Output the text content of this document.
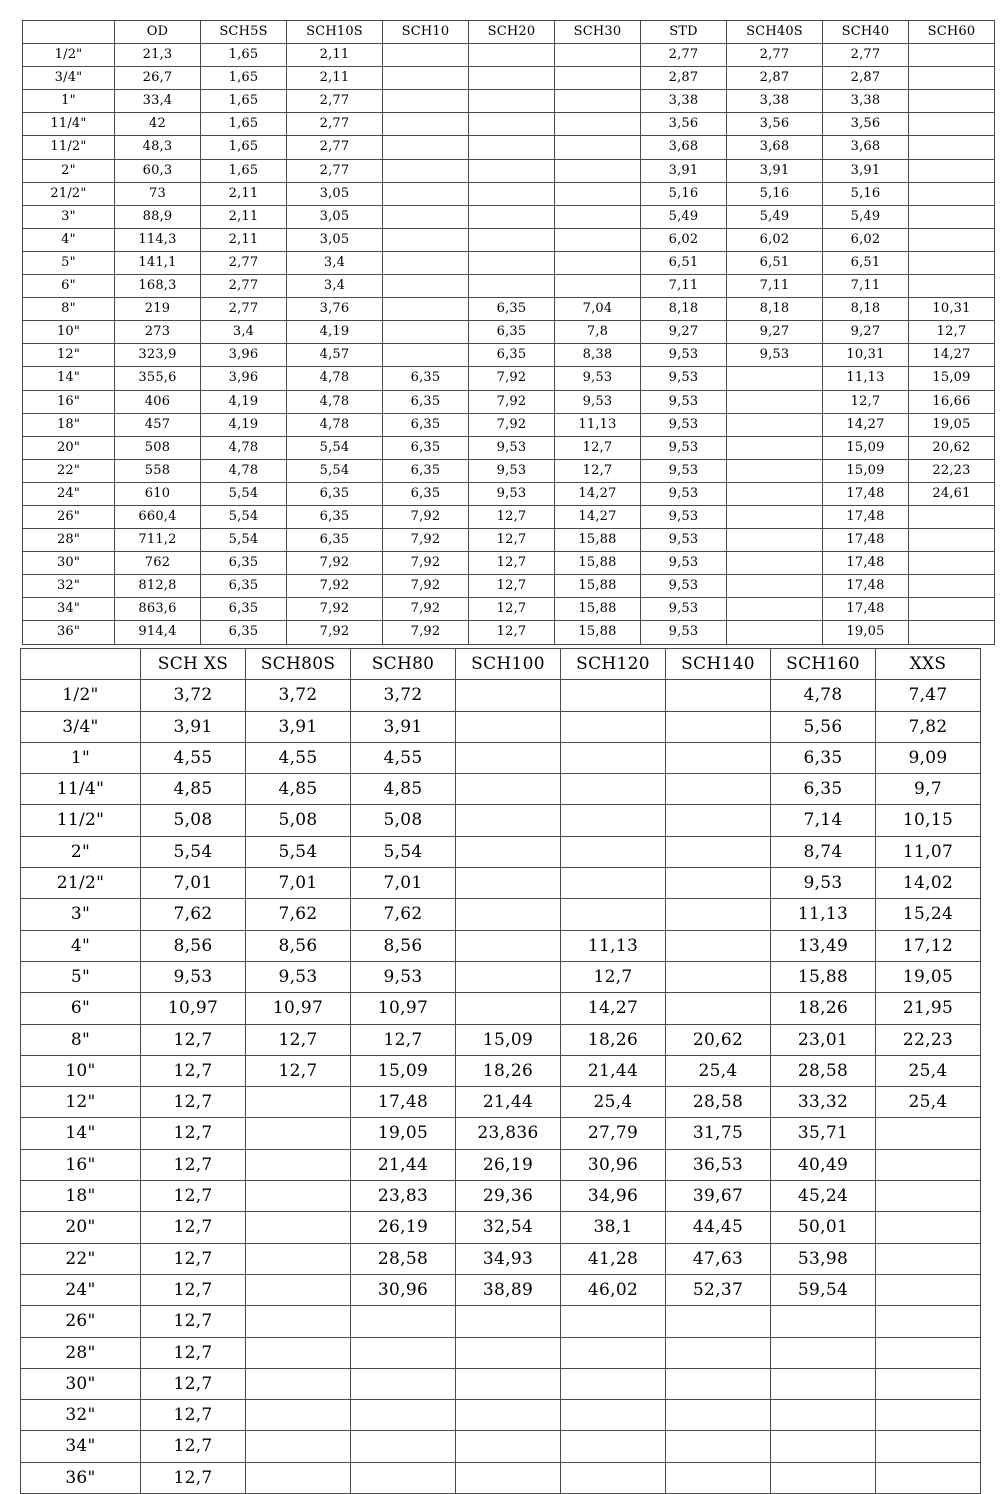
	OD	SCH5S	SCH10S	SCH10	SCH20	SCH30	STD	SCH40S	SCH40	SCH60
1/2"	21,3	1,65	2,11				2,77	2,77	2,77	
3/4"	26,7	1,65	2,11				2,87	2,87	2,87	
1"	33,4	1,65	2,77				3,38	3,38	3,38	
11/4"	42	1,65	2,77				3,56	3,56	3,56	
11/2"	48,3	1,65	2,77				3,68	3,68	3,68	
2"	60,3	1,65	2,77				3,91	3,91	3,91	
21/2"	73	2,11	3,05				5,16	5,16	5,16	
3"	88,9	2,11	3,05				5,49	5,49	5,49	
4"	114,3	2,11	3,05				6,02	6,02	6,02	
5"	141,1	2,77	3,4				6,51	6,51	6,51	
6"	168,3	2,77	3,4				7,11	7,11	7,11	
8"	219	2,77	3,76		6,35	7,04	8,18	8,18	8,18	10,31
10"	273	3,4	4,19		6,35	7,8	9,27	9,27	9,27	12,7
12"	323,9	3,96	4,57		6,35	8,38	9,53	9,53	10,31	14,27
14"	355,6	3,96	4,78	6,35	7,92	9,53	9,53		11,13	15,09
16"	406	4,19	4,78	6,35	7,92	9,53	9,53		12,7	16,66
18"	457	4,19	4,78	6,35	7,92	11,13	9,53		14,27	19,05
20"	508	4,78	5,54	6,35	9,53	12,7	9,53		15,09	20,62
22"	558	4,78	5,54	6,35	9,53	12,7	9,53		15,09	22,23
24"	610	5,54	6,35	6,35	9,53	14,27	9,53		17,48	24,61
26"	660,4	5,54	6,35	7,92	12,7	14,27	9,53		17,48	
28"	711,2	5,54	6,35	7,92	12,7	15,88	9,53		17,48	
30"	762	6,35	7,92	7,92	12,7	15,88	9,53		17,48	
32"	812,8	6,35	7,92	7,92	12,7	15,88	9,53		17,48	
34"	863,6	6,35	7,92	7,92	12,7	15,88	9,53		17,48	
36"	914,4	6,35	7,92	7,92	12,7	15,88	9,53		19,05	
	SCH XS	SCH80S	SCH80	SCH100	SCH120	SCH140	SCH160	XXS
1/2"	3,72	3,72	3,72				4,78	7,47
3/4"	3,91	3,91	3,91				5,56	7,82
1"	4,55	4,55	4,55				6,35	9,09
11/4"	4,85	4,85	4,85				6,35	9,7
11/2"	5,08	5,08	5,08				7,14	10,15
2"	5,54	5,54	5,54				8,74	11,07
21/2"	7,01	7,01	7,01				9,53	14,02
3"	7,62	7,62	7,62				11,13	15,24
4"	8,56	8,56	8,56		11,13		13,49	17,12
5"	9,53	9,53	9,53		12,7		15,88	19,05
6"	10,97	10,97	10,97		14,27		18,26	21,95
8"	12,7	12,7	12,7	15,09	18,26	20,62	23,01	22,23
10"	12,7	12,7	15,09	18,26	21,44	25,4	28,58	25,4
12"	12,7		17,48	21,44	25,4	28,58	33,32	25,4
14"	12,7		19,05	23,836	27,79	31,75	35,71	
16"	12,7		21,44	26,19	30,96	36,53	40,49	
18"	12,7		23,83	29,36	34,96	39,67	45,24	
20"	12,7		26,19	32,54	38,1	44,45	50,01	
22"	12,7		28,58	34,93	41,28	47,63	53,98	
24"	12,7		30,96	38,89	46,02	52,37	59,54	
26"	12,7							
28"	12,7							
30"	12,7							
32"	12,7							
34"	12,7							
36"	12,7							
